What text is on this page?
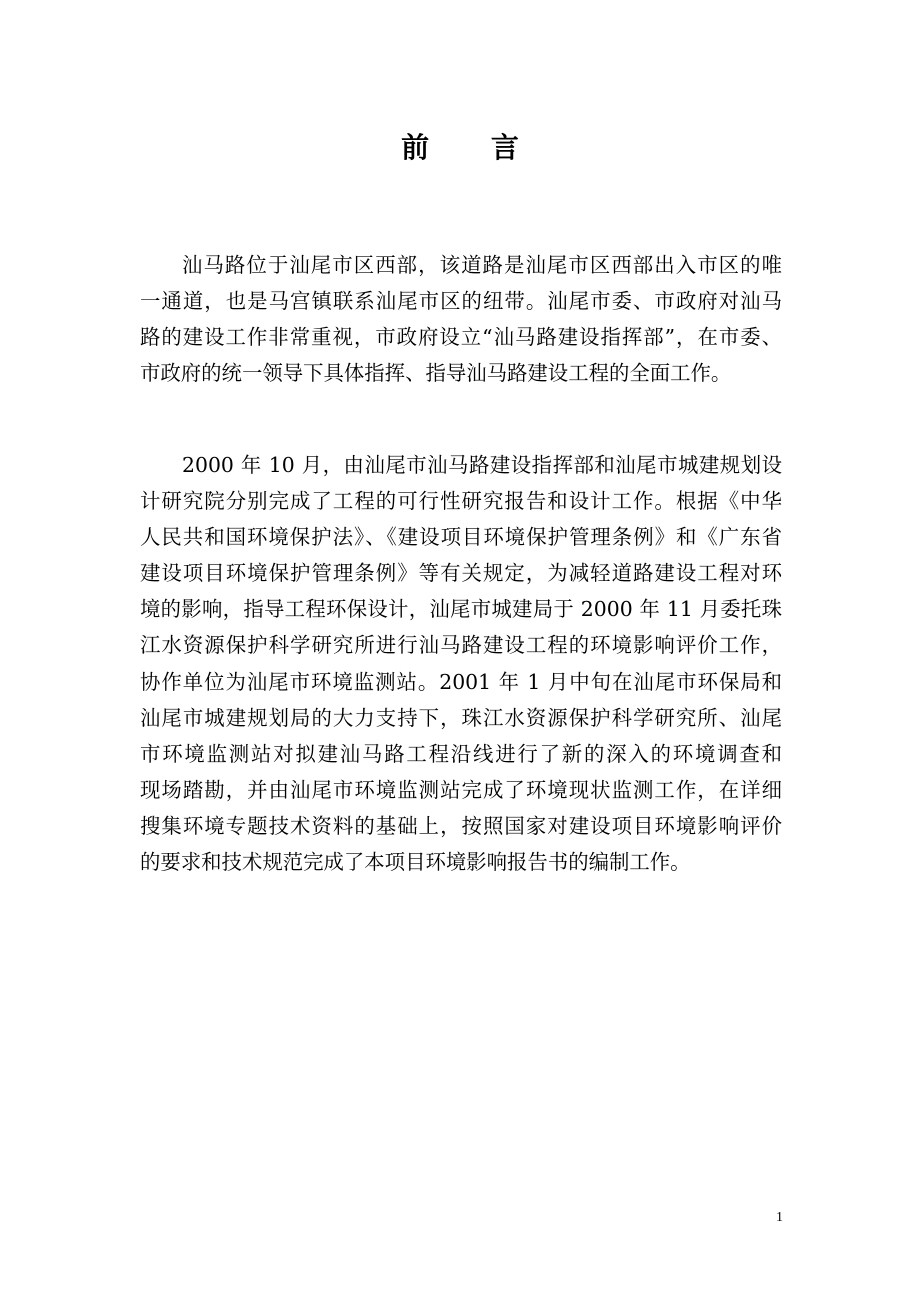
前 言
汕马路位于汕尾市区西部，该道路是汕尾市区西部出入市区的唯
一通道，也是马宫镇联系汕尾市区的纽带。汕尾市委、市政府对汕马
路的建设工作非常重视，市政府设立“汕马路建设指挥部”，在市委、
市政府的统一领导下具体指挥、指导汕马路建设工程的全面工作。
2000 年 10 月，由汕尾市汕马路建设指挥部和汕尾市城建规划设
计研究院分别完成了工程的可行性研究报告和设计工作。根据《中华
人民共和国环境保护法》、《建设项目环境保护管理条例》和《广东省
建设项目环境保护管理条例》等有关规定，为减轻道路建设工程对环
境的影响，指导工程环保设计，汕尾市城建局于 2000 年 11 月委托珠
江水资源保护科学研究所进行汕马路建设工程的环境影响评价工作，
协作单位为汕尾市环境监测站。2001 年 1 月中旬在汕尾市环保局和
汕尾市城建规划局的大力支持下，珠江水资源保护科学研究所、汕尾
市环境监测站对拟建汕马路工程沿线进行了新的深入的环境调查和
现场踏勘，并由汕尾市环境监测站完成了环境现状监测工作，在详细
搜集环境专题技术资料的基础上，按照国家对建设项目环境影响评价
的要求和技术规范完成了本项目环境影响报告书的编制工作。
1
